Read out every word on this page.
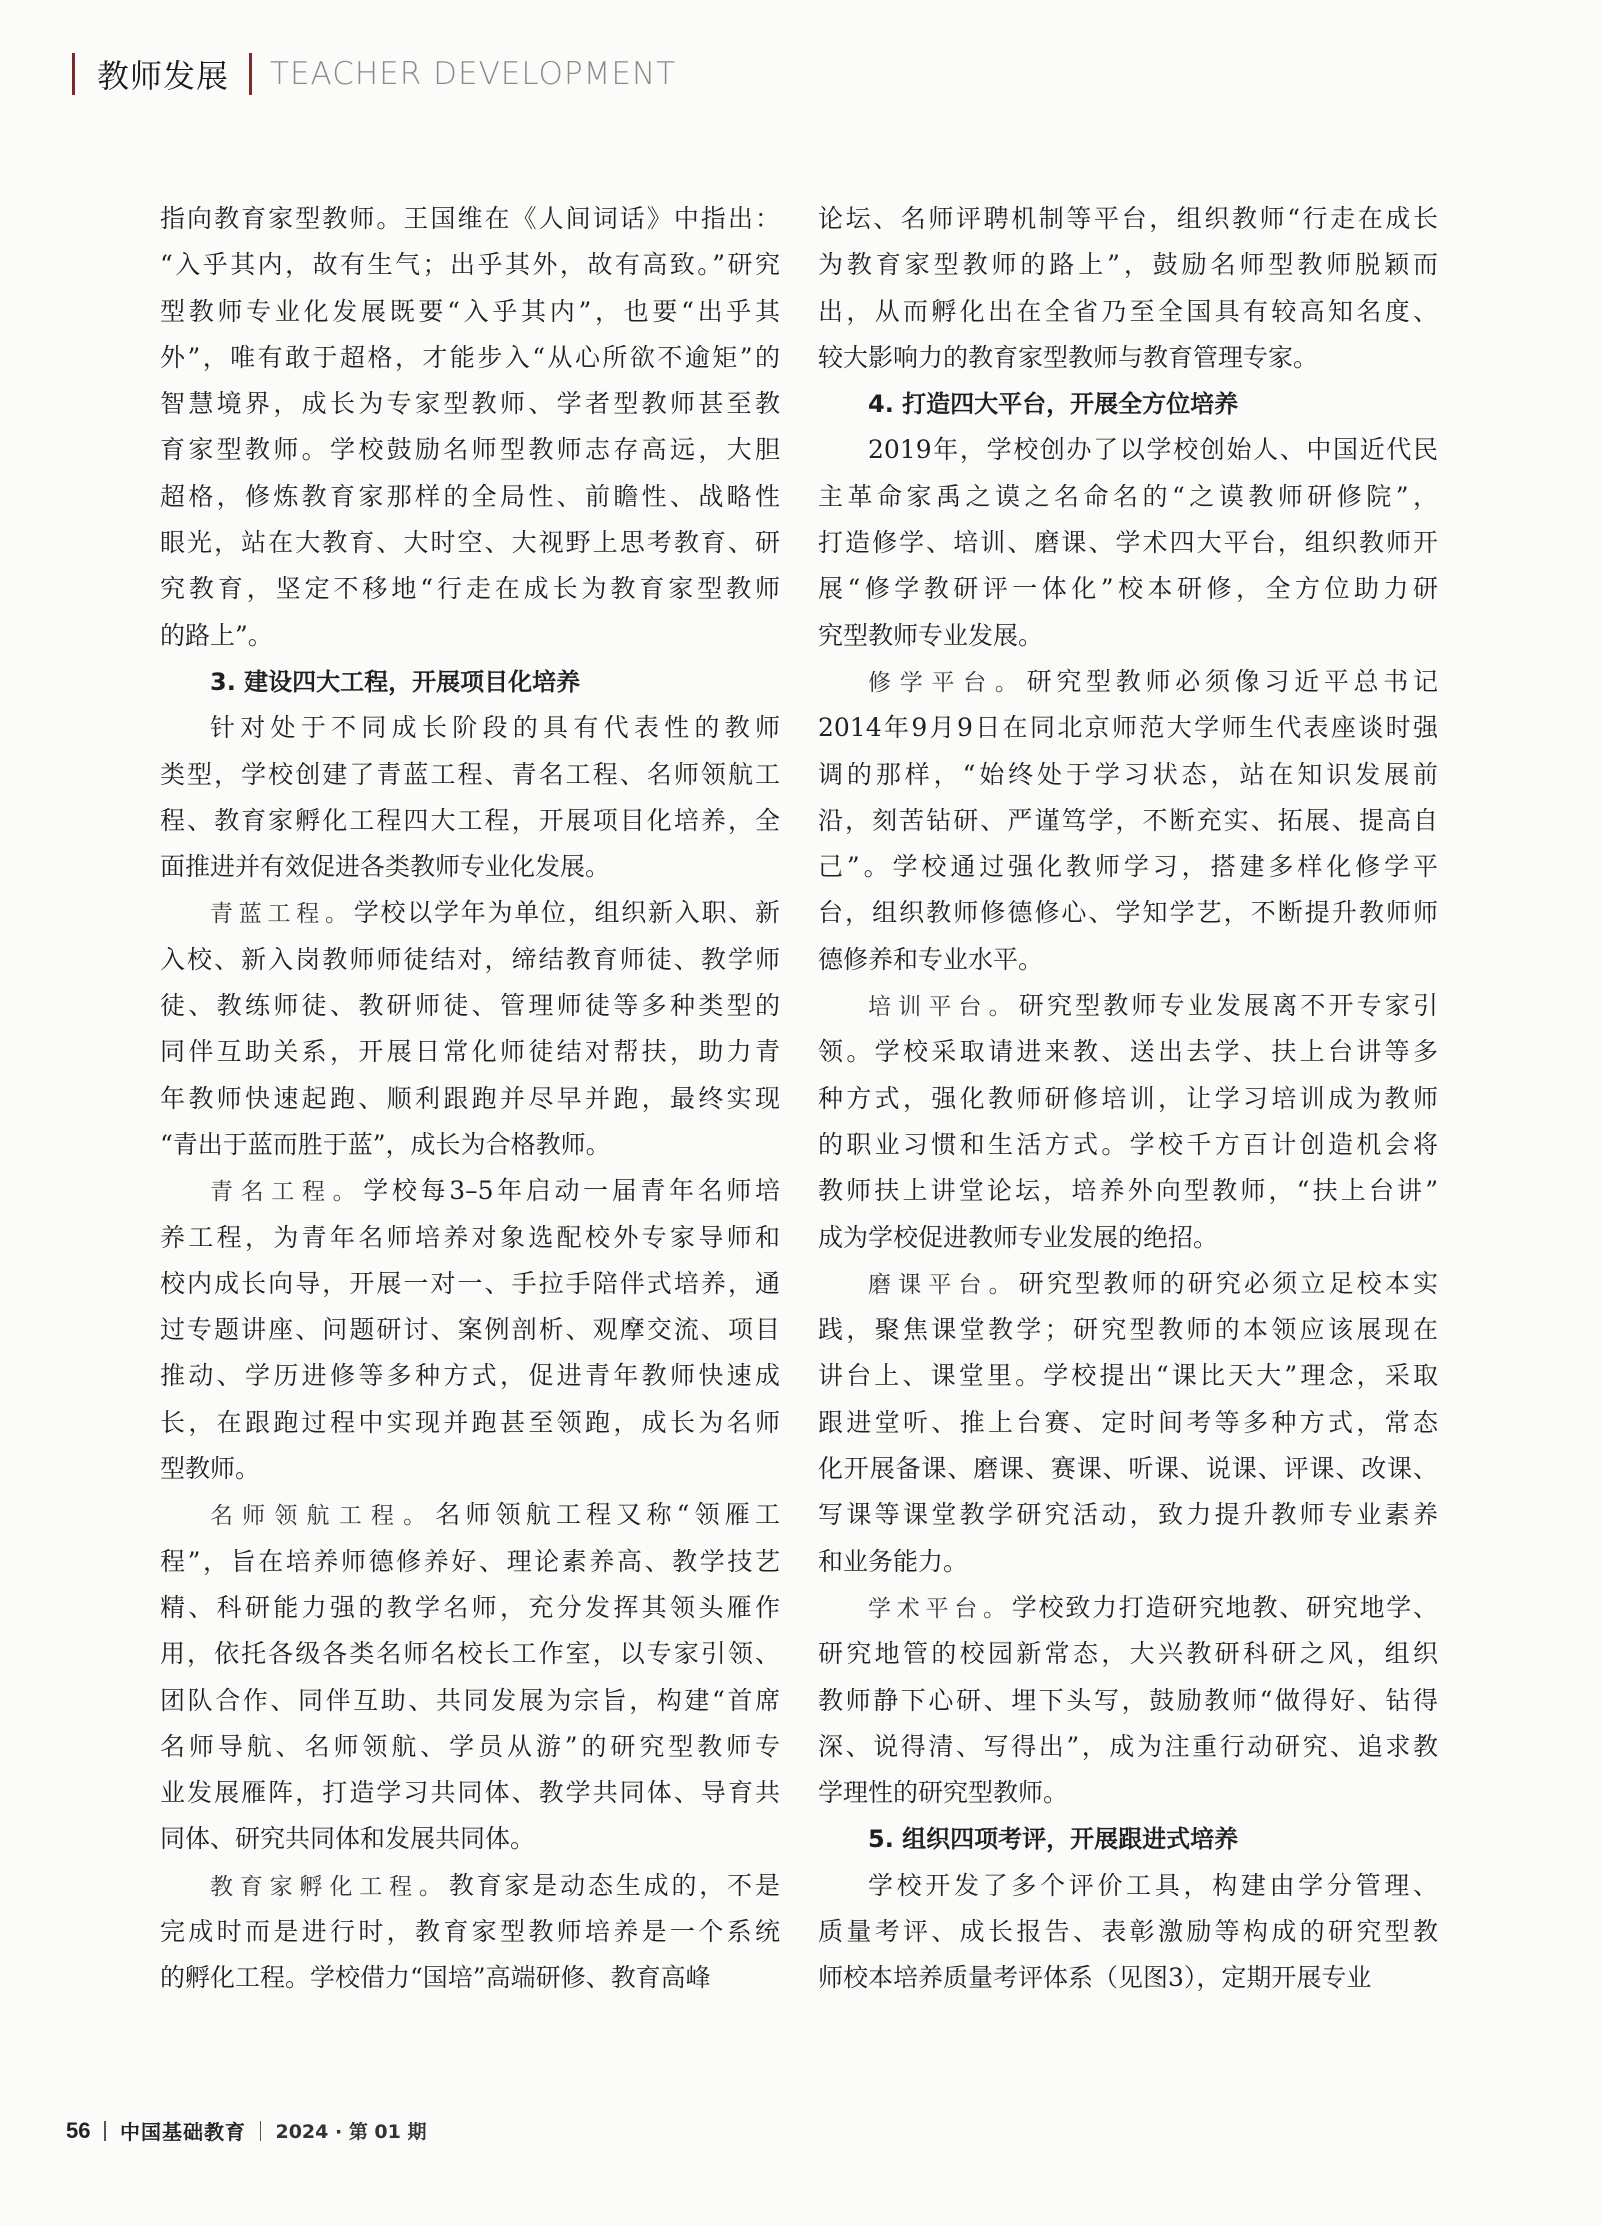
教师发展 TEACHER DEVELOPMENT
指向教育家型教师。王国维在《人间词话》中指出：
“入乎其内，故有生气；出乎其外，故有高致。”研究
型教师专业化发展既要“入乎其内”，也要“出乎其
外”，唯有敢于超格，才能步入“从心所欲不逾矩”的
智慧境界，成长为专家型教师、学者型教师甚至教
育家型教师。学校鼓励名师型教师志存高远，大胆
超格，修炼教育家那样的全局性、前瞻性、战略性
眼光，站在大教育、大时空、大视野上思考教育、研
究教育，坚定不移地“行走在成长为教育家型教师
的路上”。
3. 建设四大工程，开展项目化培养
针对处于不同成长阶段的具有代表性的教师
类型，学校创建了青蓝工程、青名工程、名师领航工
程、教育家孵化工程四大工程，开展项目化培养，全
面推进并有效促进各类教师专业化发展。
青蓝工程。学校以学年为单位，组织新入职、新
入校、新入岗教师师徒结对，缔结教育师徒、教学师
徒、教练师徒、教研师徒、管理师徒等多种类型的
同伴互助关系，开展日常化师徒结对帮扶，助力青
年教师快速起跑、顺利跟跑并尽早并跑，最终实现
“青出于蓝而胜于蓝”，成长为合格教师。
青名工程。学校每3–5年启动一届青年名师培
养工程，为青年名师培养对象选配校外专家导师和
校内成长向导，开展一对一、手拉手陪伴式培养，通
过专题讲座、问题研讨、案例剖析、观摩交流、项目
推动、学历进修等多种方式，促进青年教师快速成
长，在跟跑过程中实现并跑甚至领跑，成长为名师
型教师。
名师领航工程。名师领航工程又称“领雁工
程”，旨在培养师德修养好、理论素养高、教学技艺
精、科研能力强的教学名师，充分发挥其领头雁作
用，依托各级各类名师名校长工作室，以专家引领、
团队合作、同伴互助、共同发展为宗旨，构建“首席
名师导航、名师领航、学员从游”的研究型教师专
业发展雁阵，打造学习共同体、教学共同体、导育共
同体、研究共同体和发展共同体。
教育家孵化工程。教育家是动态生成的，不是
完成时而是进行时，教育家型教师培养是一个系统
的孵化工程。学校借力“国培”高端研修、教育高峰
论坛、名师评聘机制等平台，组织教师“行走在成长
为教育家型教师的路上”，鼓励名师型教师脱颖而
出，从而孵化出在全省乃至全国具有较高知名度、
较大影响力的教育家型教师与教育管理专家。
4. 打造四大平台，开展全方位培养
2019年，学校创办了以学校创始人、中国近代民
主革命家禹之谟之名命名的“之谟教师研修院”，
打造修学、培训、磨课、学术四大平台，组织教师开
展“修学教研评一体化”校本研修，全方位助力研
究型教师专业发展。
修学平台。研究型教师必须像习近平总书记
2014年9月9日在同北京师范大学师生代表座谈时强
调的那样，“始终处于学习状态，站在知识发展前
沿，刻苦钻研、严谨笃学，不断充实、拓展、提高自
己”。学校通过强化教师学习，搭建多样化修学平
台，组织教师修德修心、学知学艺，不断提升教师师
德修养和专业水平。
培训平台。研究型教师专业发展离不开专家引
领。学校采取请进来教、送出去学、扶上台讲等多
种方式，强化教师研修培训，让学习培训成为教师
的职业习惯和生活方式。学校千方百计创造机会将
教师扶上讲堂论坛，培养外向型教师，“扶上台讲”
成为学校促进教师专业发展的绝招。
磨课平台。研究型教师的研究必须立足校本实
践，聚焦课堂教学；研究型教师的本领应该展现在
讲台上、课堂里。学校提出“课比天大”理念，采取
跟进堂听、推上台赛、定时间考等多种方式，常态
化开展备课、磨课、赛课、听课、说课、评课、改课、
写课等课堂教学研究活动，致力提升教师专业素养
和业务能力。
学术平台。学校致力打造研究地教、研究地学、
研究地管的校园新常态，大兴教研科研之风，组织
教师静下心研、埋下头写，鼓励教师“做得好、钻得
深、说得清、写得出”，成为注重行动研究、追求教
学理性的研究型教师。
5. 组织四项考评，开展跟进式培养
学校开发了多个评价工具，构建由学分管理、
质量考评、成长报告、表彰激励等构成的研究型教
师校本培养质量考评体系（见图3），定期开展专业
56 中国基础教育 2024 · 第 01 期
